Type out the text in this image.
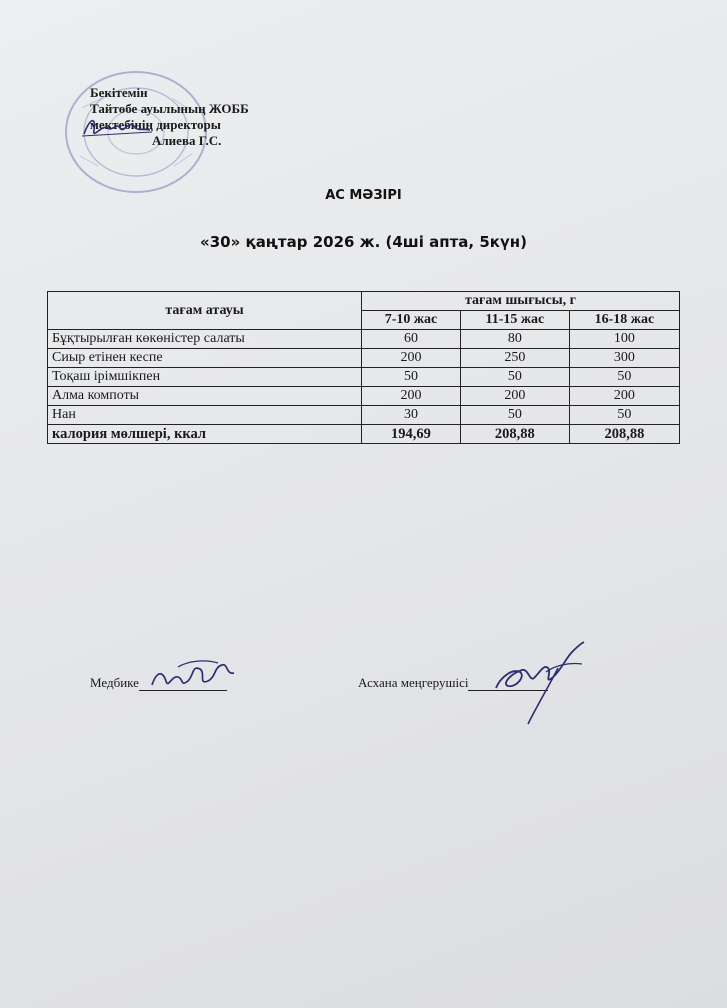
Бекітемін
Тайтөбе ауылының ЖОББ
мектебінің директоры
Алиева Г.С.
АС МӘЗІРІ
«30» қаңтар 2026 ж. (4ші апта, 5күн)
тағам атауы	тағам шығысы, г		
	7-10 жас	11-15 жас	16-18 жас
Бұқтырылған көкөністер салаты	60	80	100
Сиыр етінен кеспе	200	250	300
Тоқаш ірімшікпен	50	50	50
Алма компоты	200	200	200
Нан	30	50	50
калория мөлшері, ккал	194,69	208,88	208,88
Медбике	Асхана меңгерушісі
